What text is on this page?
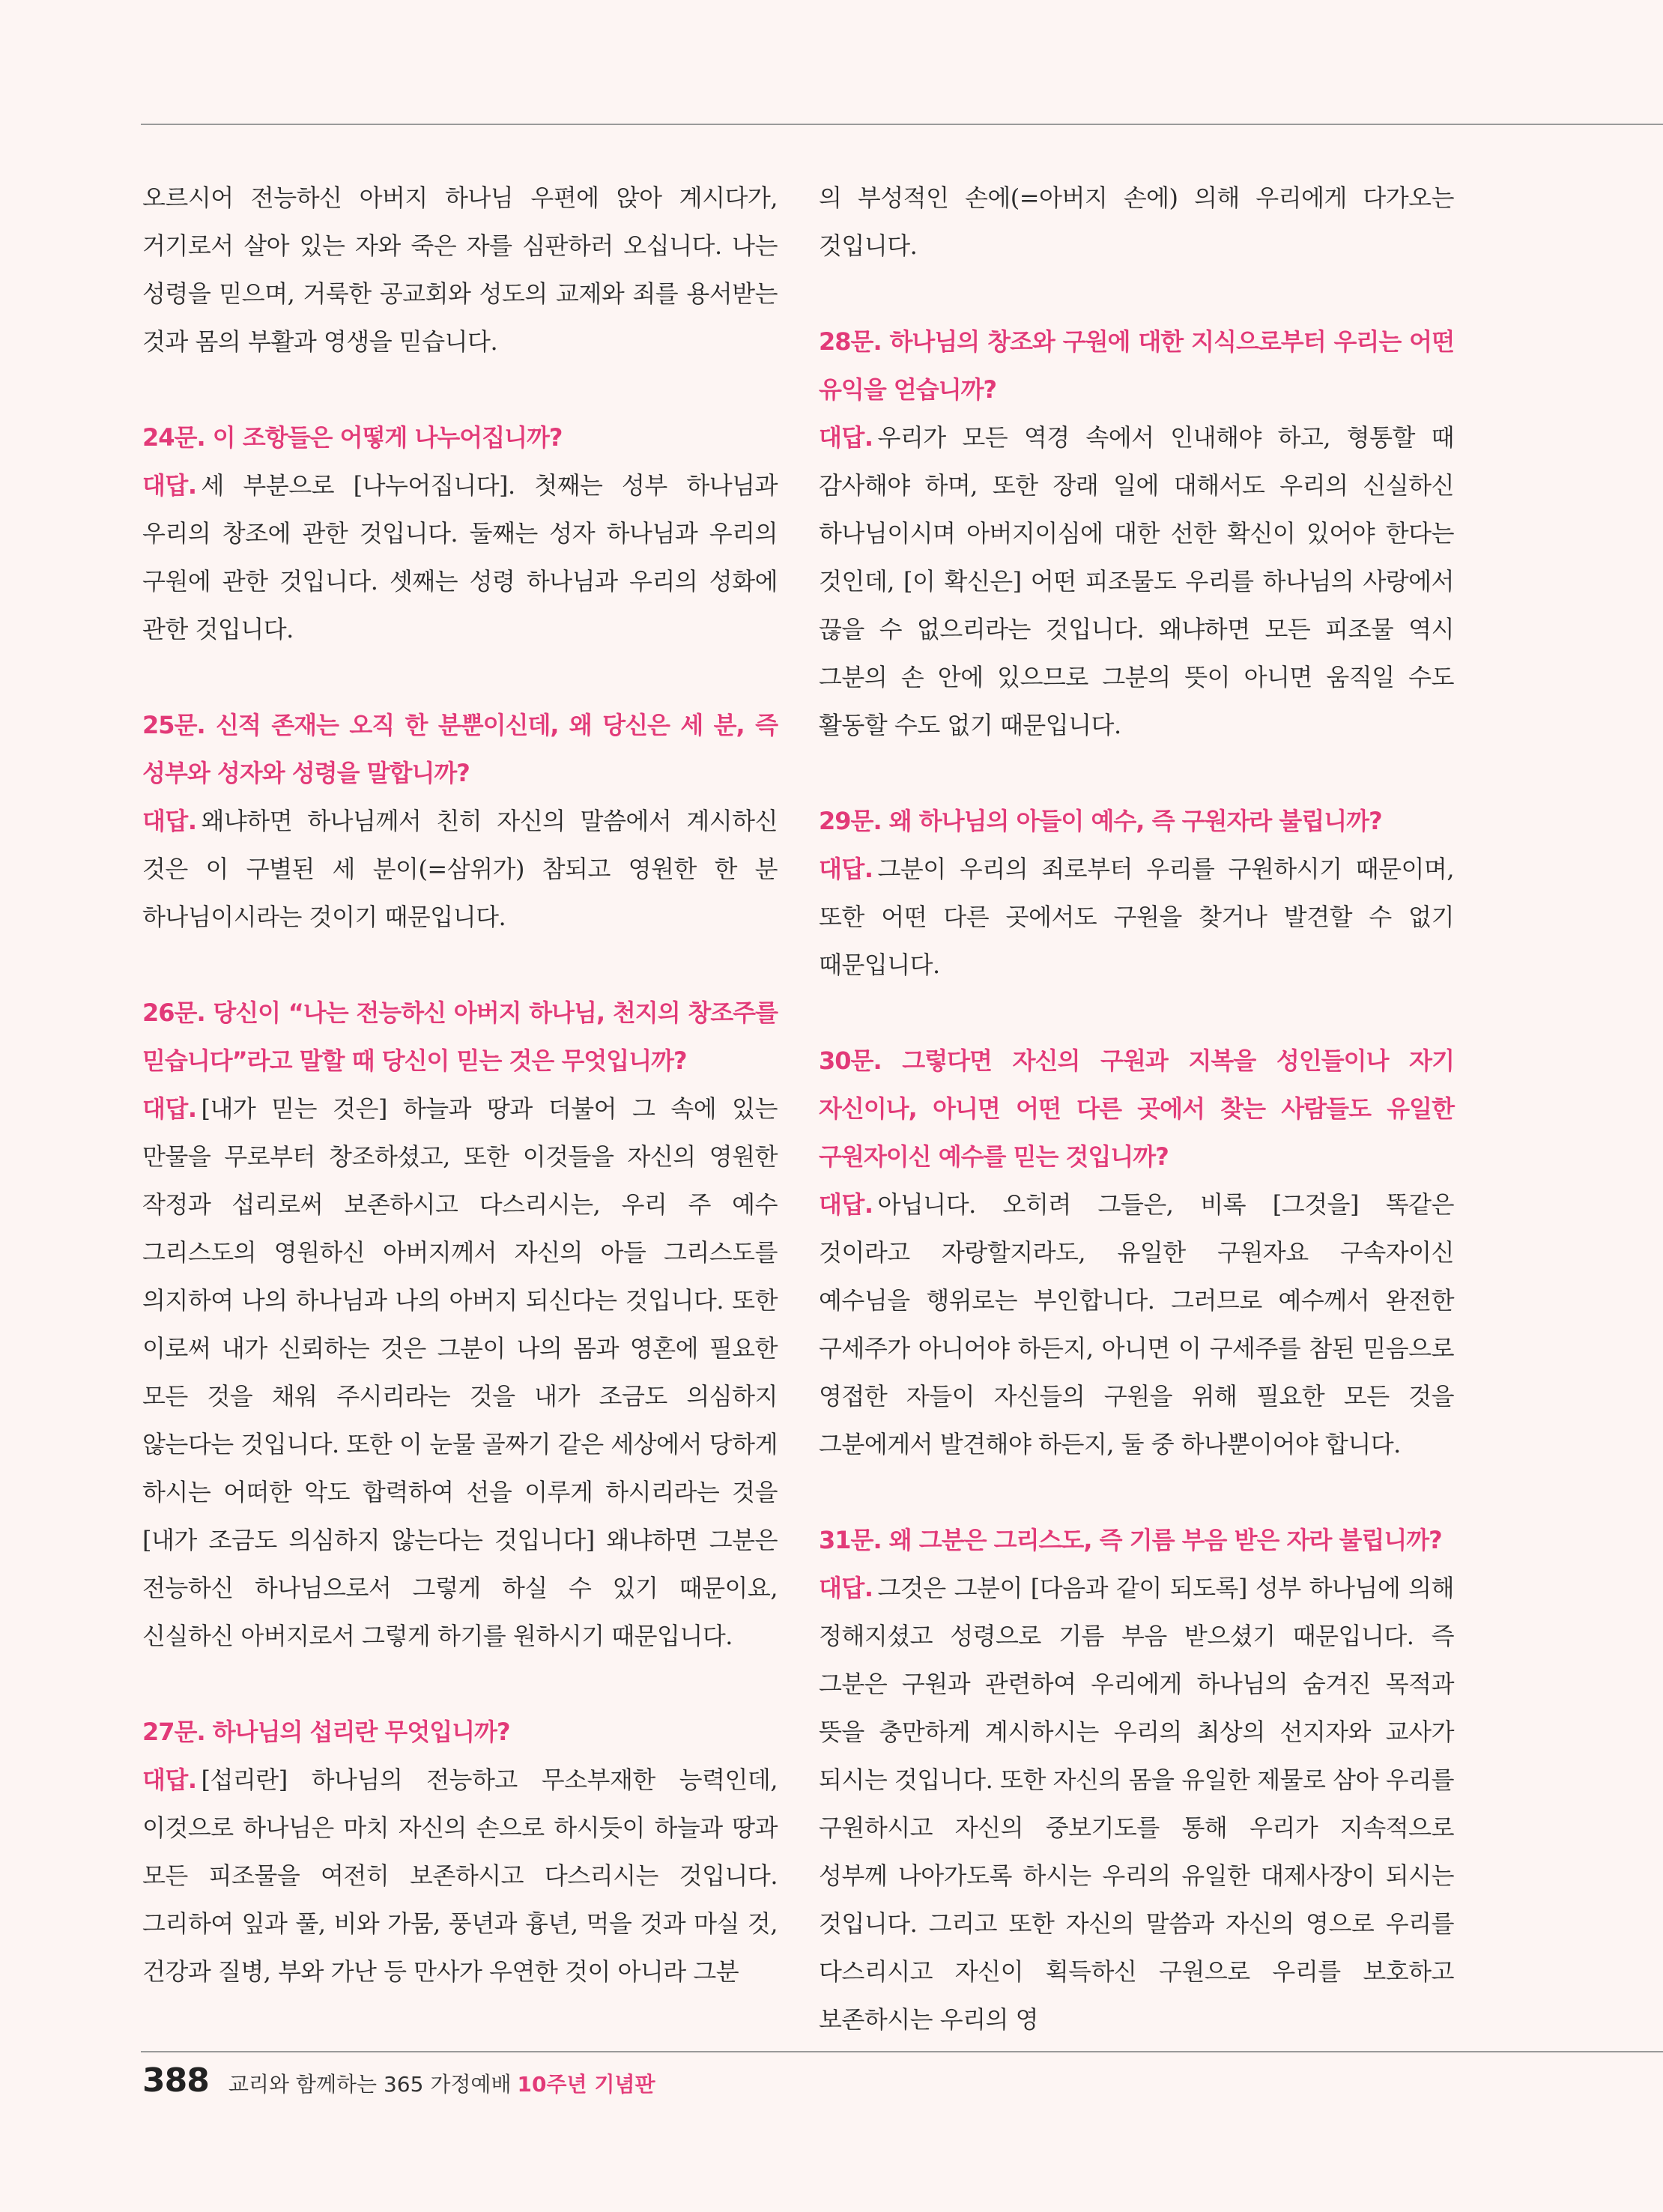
오르시어 전능하신 아버지 하나님 우편에 앉아 계시다가, 거기로서 살아 있는 자와 죽은 자를 심판하러 오십니다. 나는 성령을 믿으며, 거룩한 공교회와 성도의 교제와 죄를 용서받는 것과 몸의 부활과 영생을 믿습니다.

24문. 이 조항들은 어떻게 나누어집니까?

대답. 세 부분으로 [나누어집니다]. 첫째는 성부 하나님과 우리의 창조에 관한 것입니다. 둘째는 성자 하나님과 우리의 구원에 관한 것입니다. 셋째는 성령 하나님과 우리의 성화에 관한 것입니다.

25문. 신적 존재는 오직 한 분뿐이신데, 왜 당신은 세 분, 즉 성부와 성자와 성령을 말합니까?

대답. 왜냐하면 하나님께서 친히 자신의 말씀에서 계시하신 것은 이 구별된 세 분이(=삼위가) 참되고 영원한 한 분 하나님이시라는 것이기 때문입니다.

26문. 당신이 “나는 전능하신 아버지 하나님, 천지의 창조주를 믿습니다”라고 말할 때 당신이 믿는 것은 무엇입니까?

대답. [내가 믿는 것은] 하늘과 땅과 더불어 그 속에 있는 만물을 무로부터 창조하셨고, 또한 이것들을 자신의 영원한 작정과 섭리로써 보존하시고 다스리시는, 우리 주 예수 그리스도의 영원하신 아버지께서 자신의 아들 그리스도를 의지하여 나의 하나님과 나의 아버지 되신다는 것입니다. 또한 이로써 내가 신뢰하는 것은 그분이 나의 몸과 영혼에 필요한 모든 것을 채워 주시리라는 것을 내가 조금도 의심하지 않는다는 것입니다. 또한 이 눈물 골짜기 같은 세상에서 당하게 하시는 어떠한 악도 합력하여 선을 이루게 하시리라는 것을 [내가 조금도 의심하지 않는다는 것입니다] 왜냐하면 그분은 전능하신 하나님으로서 그렇게 하실 수 있기 때문이요, 신실하신 아버지로서 그렇게 하기를 원하시기 때문입니다.

27문. 하나님의 섭리란 무엇입니까?

대답. [섭리란] 하나님의 전능하고 무소부재한 능력인데, 이것으로 하나님은 마치 자신의 손으로 하시듯이 하늘과 땅과 모든 피조물을 여전히 보존하시고 다스리시는 것입니다. 그리하여 잎과 풀, 비와 가뭄, 풍년과 흉년, 먹을 것과 마실 것, 건강과 질병, 부와 가난 등 만사가 우연한 것이 아니라 그분

의 부성적인 손에(=아버지 손에) 의해 우리에게 다가오는 것입니다.

28문. 하나님의 창조와 구원에 대한 지식으로부터 우리는 어떤 유익을 얻습니까?

대답. 우리가 모든 역경 속에서 인내해야 하고, 형통할 때 감사해야 하며, 또한 장래 일에 대해서도 우리의 신실하신 하나님이시며 아버지이심에 대한 선한 확신이 있어야 한다는 것인데, [이 확신은] 어떤 피조물도 우리를 하나님의 사랑에서 끊을 수 없으리라는 것입니다. 왜냐하면 모든 피조물 역시 그분의 손 안에 있으므로 그분의 뜻이 아니면 움직일 수도 활동할 수도 없기 때문입니다.

29문. 왜 하나님의 아들이 예수, 즉 구원자라 불립니까?

대답. 그분이 우리의 죄로부터 우리를 구원하시기 때문이며, 또한 어떤 다른 곳에서도 구원을 찾거나 발견할 수 없기 때문입니다.

30문. 그렇다면 자신의 구원과 지복을 성인들이나 자기 자신이나, 아니면 어떤 다른 곳에서 찾는 사람들도 유일한 구원자이신 예수를 믿는 것입니까?

대답. 아닙니다. 오히려 그들은, 비록 [그것을] 똑같은 것이라고 자랑할지라도, 유일한 구원자요 구속자이신 예수님을 행위로는 부인합니다. 그러므로 예수께서 완전한 구세주가 아니어야 하든지, 아니면 이 구세주를 참된 믿음으로 영접한 자들이 자신들의 구원을 위해 필요한 모든 것을 그분에게서 발견해야 하든지, 둘 중 하나뿐이어야 합니다.

31문. 왜 그분은 그리스도, 즉 기름 부음 받은 자라 불립니까?

대답. 그것은 그분이 [다음과 같이 되도록] 성부 하나님에 의해 정해지셨고 성령으로 기름 부음 받으셨기 때문입니다. 즉 그분은 구원과 관련하여 우리에게 하나님의 숨겨진 목적과 뜻을 충만하게 계시하시는 우리의 최상의 선지자와 교사가 되시는 것입니다. 또한 자신의 몸을 유일한 제물로 삼아 우리를 구원하시고 자신의 중보기도를 통해 우리가 지속적으로 성부께 나아가도록 하시는 우리의 유일한 대제사장이 되시는 것입니다. 그리고 또한 자신의 말씀과 자신의 영으로 우리를 다스리시고 자신이 획득하신 구원으로 우리를 보호하고 보존하시는 우리의 영

388 교리와 함께하는 365 가정예배 10주년 기념판
